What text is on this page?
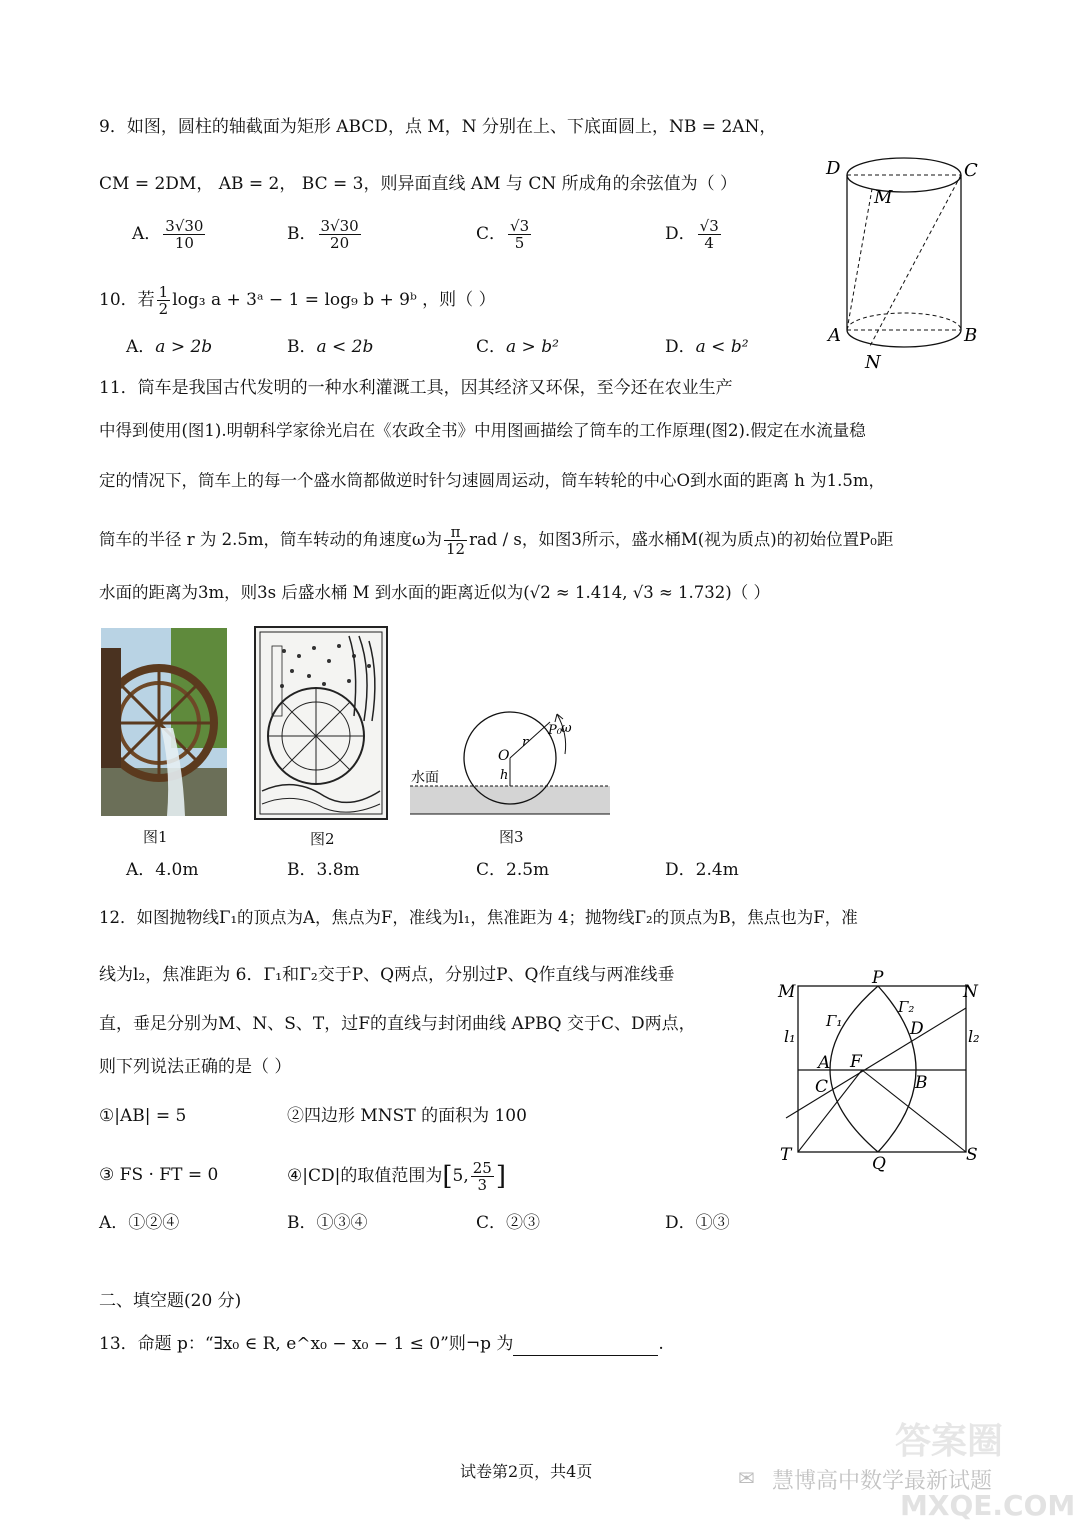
9．如图，圆柱的轴截面为矩形 ABCD，点 M，N 分别在上、下底面圆上，NB = 2AN，
CM = 2DM， AB = 2， BC = 3，则异面直线 AM 与 CN 所成角的余弦值为（ ）
A． $\frac{3√30}{10}$	B． $\frac{3√30}{20}$	C． $\frac{√3}{5}$	D． $\frac{√3}{4}$
D	C
M
A	B
N
10．若 $\frac{1}{2} \log_3$ a + 3ᵃ − 1 = log₉ b + 9ᵇ ，则（ ）
A．a > 2b	B．a < 2b	C．a > b²	D．a < b²
11．筒车是我国古代发明的一种水利灌溉工具，因其经济又环保，至今还在农业生产
中得到使用(图1).明朝科学家徐光启在《农政全书》中用图画描绘了筒车的工作原理(图2).假定在水流量稳
定的情况下，筒车上的每一个盛水筒都做逆时针匀速圆周运动，筒车转轮的中心O到水面的距离 h 为1.5m，
筒车的半径 r 为 2.5m，筒车转动的角速度ω为 $\frac{\pi}{12}$ rad / s，如图3所示，盛水桶M(视为质点)的初始位置P₀距
水面的距离为3m，则3s 后盛水桶 M 到水面的距离近似为(√2 ≈ 1.414, √3 ≈ 1.732)（ ）
水面
O
r
h
P₀ ω
图1	图2	图3
A．4.0m	B．3.8m	C．2.5m	D．2.4m
12．如图抛物线Γ₁的顶点为A，焦点为F，准线为l₁，焦准距为 4；抛物线Γ₂的顶点为B，焦点也为F，准
线为l₂，焦准距为 6．Γ₁和Γ₂交于P、Q两点，分别过P、Q作直线与两准线垂
直，垂足分别为M、N、S、T，过F的直线与封闭曲线 APBQ 交于C、D两点，
则下列说法正确的是（ ）
①|AB| = 5	②四边形 MNST 的面积为 100
③ FS · FT = 0	④|CD|的取值范围为[5, $\frac{25}{3}$ ]
A．①②④	B．①③④	C．②③	D．①③
M
P
N
Γ₁
Γ₂
D
l₁	l₂
A F
C	B
T	Q	S
二、填空题(20 分)
13．命题 p：“∃x₀ ∈ R, e^x₀ − x₀ − 1 ≤ 0”则¬p 为	.
试卷第2页，共4页	✉ 慧博高中数学最新试题
答案圈
MXQE.COM
